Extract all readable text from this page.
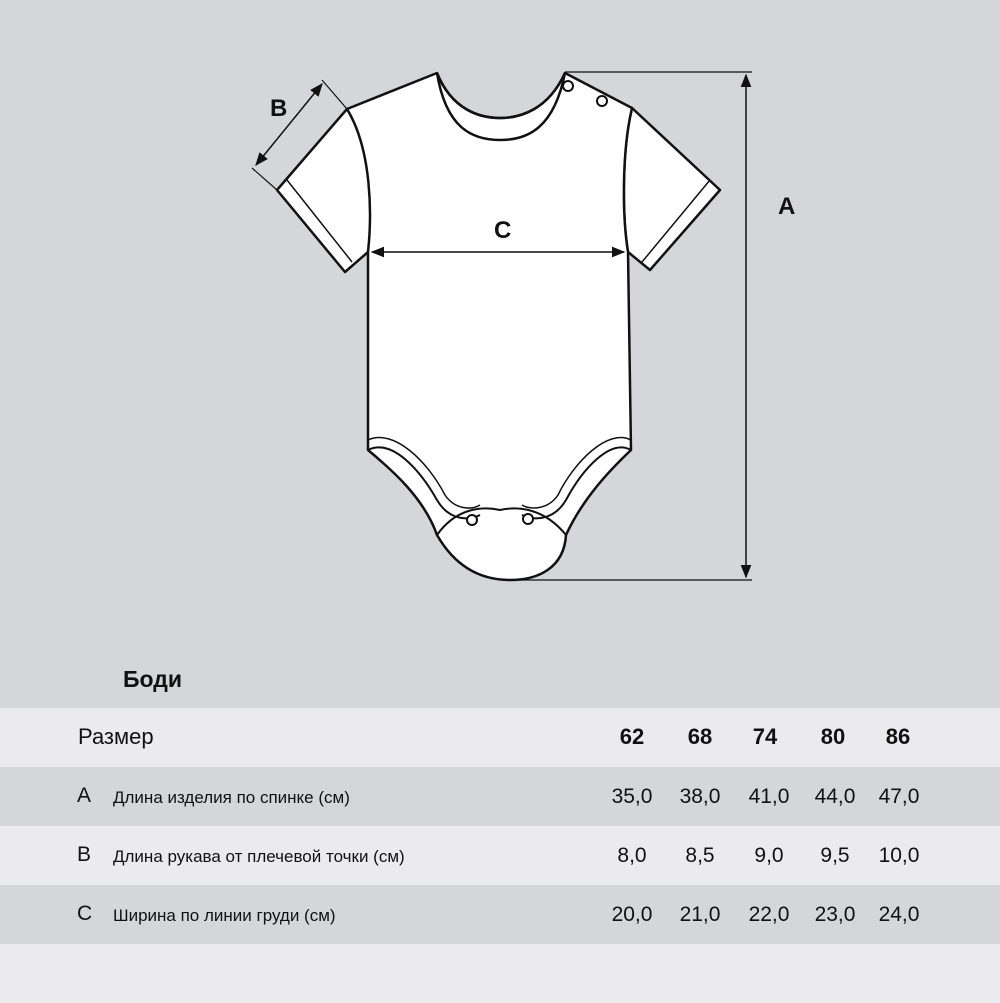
A
B
C
Боди
Размер	62	68	74	80	86
A Длина изделия по спинке (см)	35,0	38,0	41,0	44,0	47,0
B Длина рукава от плечевой точки (см)	8,0	8,5	9,0	9,5	10,0
C Ширина по линии груди (см)	20,0	21,0	22,0	23,0	24,0
